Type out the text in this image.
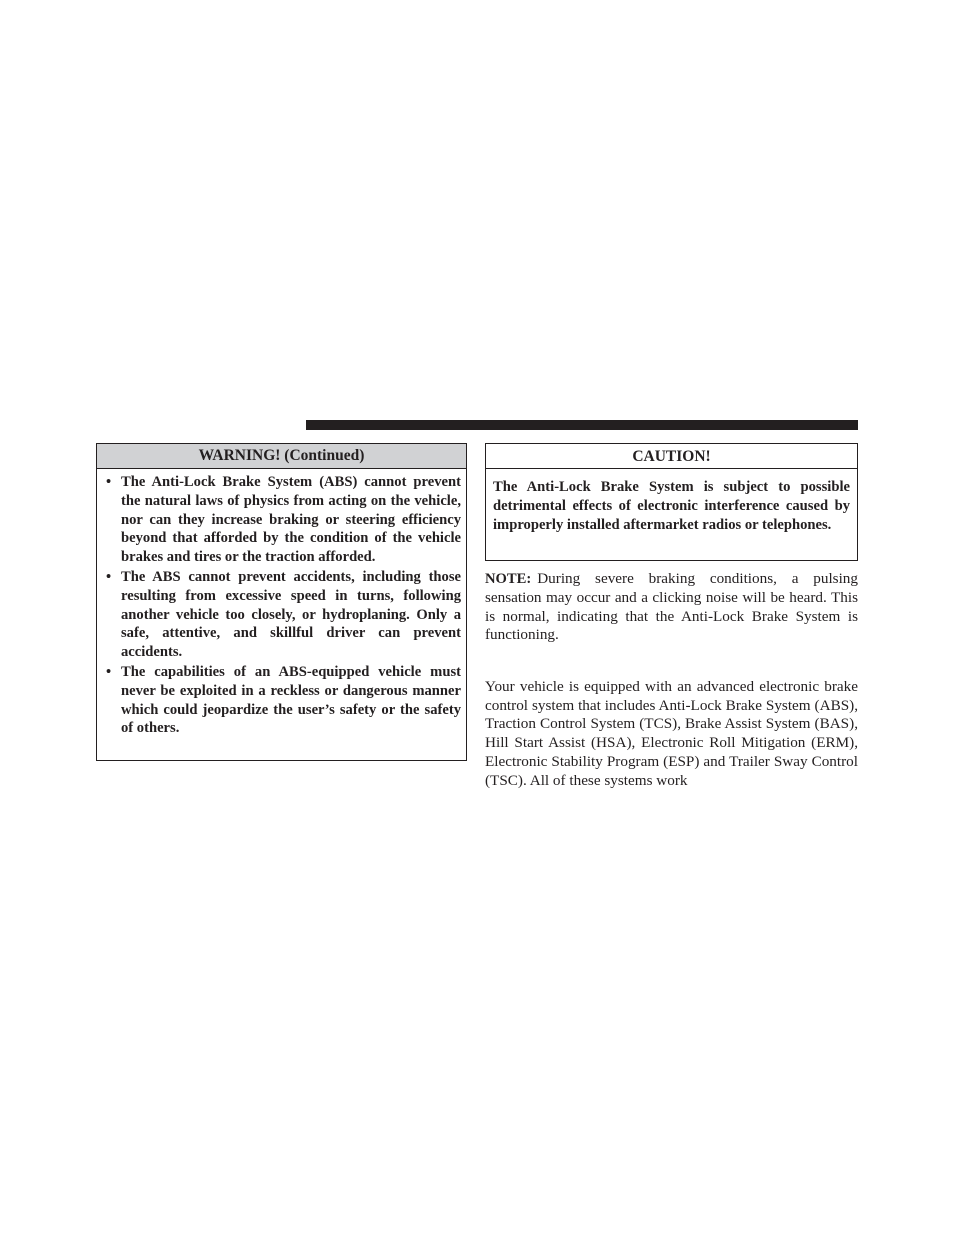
WARNING! (Continued)
• The Anti-Lock Brake System (ABS) cannot prevent the natural laws of physics from acting on the vehicle, nor can they increase braking or steering efficiency beyond that afforded by the condition of the vehicle brakes and tires or the traction afforded.
• The ABS cannot prevent accidents, including those resulting from excessive speed in turns, following another vehicle too closely, or hydroplaning. Only a safe, attentive, and skillful driver can prevent accidents.
• The capabilities of an ABS-equipped vehicle must never be exploited in a reckless or dangerous manner which could jeopardize the user’s safety or the safety of others.
CAUTION!

The Anti-Lock Brake System is subject to possible detrimental effects of electronic interference caused by improperly installed aftermarket radios or telephones.

NOTE: During severe braking conditions, a pulsing sensation may occur and a clicking noise will be heard. This is normal, indicating that the Anti-Lock Brake System is functioning.

Your vehicle is equipped with an advanced electronic brake control system that includes Anti-Lock Brake System (ABS), Traction Control System (TCS), Brake Assist System (BAS), Hill Start Assist (HSA), Electronic Roll Mitigation (ERM), Electronic Stability Program (ESP) and Trailer Sway Control (TSC). All of these systems work
